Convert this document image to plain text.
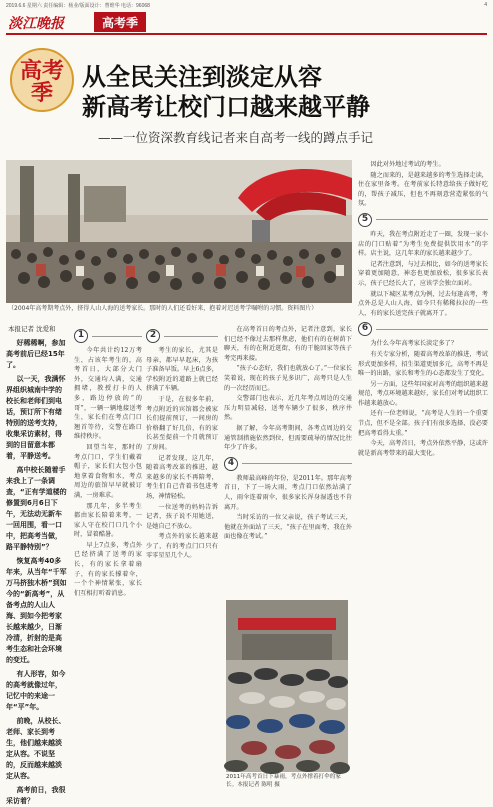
2019.6.6 星期六 责任编辑：杨业/版面设计：曹维华 电话：96068	4
淡江晚报	高考季
高考季
从全民关注到淡定从容
新高考让校门口越来越平静
——一位资深教育线记者来自高考一线的蹲点手记
（2004年高考期考点外，挤得人山人海的送考家长。那时的人们还看好来，抱着对迟送考学嘱咐的习惯。资料图片）
本报记者 沈爱和

好稀稀啊，参加高考前后已经15年了。

以一天，我满怀界组织城南中学的校长和老师们到电话，预订所下有绪特别的送考支持，收集采访素材，得到的目留意本都着，平静送考。

高中校长随着手来我上了一条调查，“正有学道楼的修置到6月6日下午，无法动无新车一回用围，看一口中，把高考当做，路平静特别”？

恢复高考40多年来，从当年“千军万马挤独木桥”到如今的“新高考”，从备考点的人山人海、到如今把考家长越来越少，日渐冷清，折射的是高考生态和社会环境的变迁。

有人形容，如今的高考就像过年，记忆中的来途一年“平”年。

前晚，从校长、老师、家长到考生，他们越来越淡定从容。不说坚的，反而越来越淡定从容。

高考前日，我很采访着？

1

今年共计约12万考生，占该年考生的，高考首日，大部分大门外，交通均人满，交通拥堵，教授打卡的人多，路边停放的“的哥”，一辆一辆地接送考生，家长们在考点门口翘首等待，交警在路口维持秩序。

回望当年，那时的考点门口，学生们戴着帽子，家长们大包小包地拿着食物和水，考点周边的旅馆早早就被订满，一房难求。

那几年，多半考生都由家长陪着来考，一家人守在校门口几个小时，冒着酷暑。

早上7点多，考点外已经挤满了送考的家长，有的家长拿着扇子，有的家长撑着伞，一个个神情紧张，家长们互相打听着消息。

2

考生的家长，尤其是母亲，都早早起床，为孩子准备早饭。早上6点多，学校附近的道路上就已经挤满了车辆。

于是，在很多年前，考点附近的宾馆都会被家长们提前预订，一间房的价格翻了好几倍，有的家长甚至提前一个月就预订了房间。

记者发现，这几年，随着高考改革的推进，越来越多的家长不再陪考，考生们自己背着书包进考场，神情轻松。

一位送考的妈妈告诉记者，孩子说不用她送，是她自己不放心。

考点外的家长越来越少了，有的考点门口只有零零星星几个人。

在高考首日的考点外，记者注意到，家长们已经不像过去那样焦虑，他们有的在树荫下聊天，有的在附近逛街，有的干脆回家等孩子考完再来接。

“孩子心态好，我们也就放心了。”一位家长笑着说，现在的孩子见多识广，高考只是人生的一次经历而已。

交警部门也表示，近几年考点周边的交通压力明显减轻，送考车辆少了很多，秩序井然。

据了解，今年高考期间，各考点周边的交通管制措施依然到位，但需要疏导的情况比往年少了许多。

4

教师最高峰的年份，是2011年。那年高考首日，下了一场大雨，考点门口依然站满了人，雨伞连着雨伞，很多家长浑身湿透也不肯离开。

当时采访的一位父亲说，孩子考试三天，他就在外面站了三天，“孩子在里面考，我在外面也像在考试。”

2011年高考首日下暴雨，考点外撑着打伞的家长。本报记者 陈明 摄

因此对外地过考试的考生。

随之而来的，是越来越多的考生选择走读，住在家里备考。在考前家长特意给孩子做好吃的，帮孩子减压，但也不再刻意营造紧张的气氛。

5

昨天，我在考点附近走了一圈，发现一家小店的门口贴着“为考生免费提供饮用水”的字样。店主说，这几年来的家长越来越少了。

记者注意到，与过去相比，如今的送考家长穿着更加随意，神态也更加放松，很多家长表示，孩子已经长大了，应该学会独立面对。

就以下城区某考点为例，过去每逢高考，考点外总是人山人海，如今只有稀稀拉拉的一些人，有的家长送完孩子就离开了。

6

为什么今年高考家长淡定多了？

有关专家分析，随着高考改革的推进，考试形式更加多样，招生渠道更加多元，高考不再是唯一的出路，家长和考生的心态都发生了变化。

另一方面，这些年国家对高考的组织越来越规范，考点环境越来越好，家长们对考试组织工作越来越放心。

还有一位老师说，“高考是人生的一个重要节点，但不是全部。孩子们有很多选择，没必要把高考看得太重。”

今天，高考首日，考点外依然平静，这或许就是新高考带来的最大变化。
